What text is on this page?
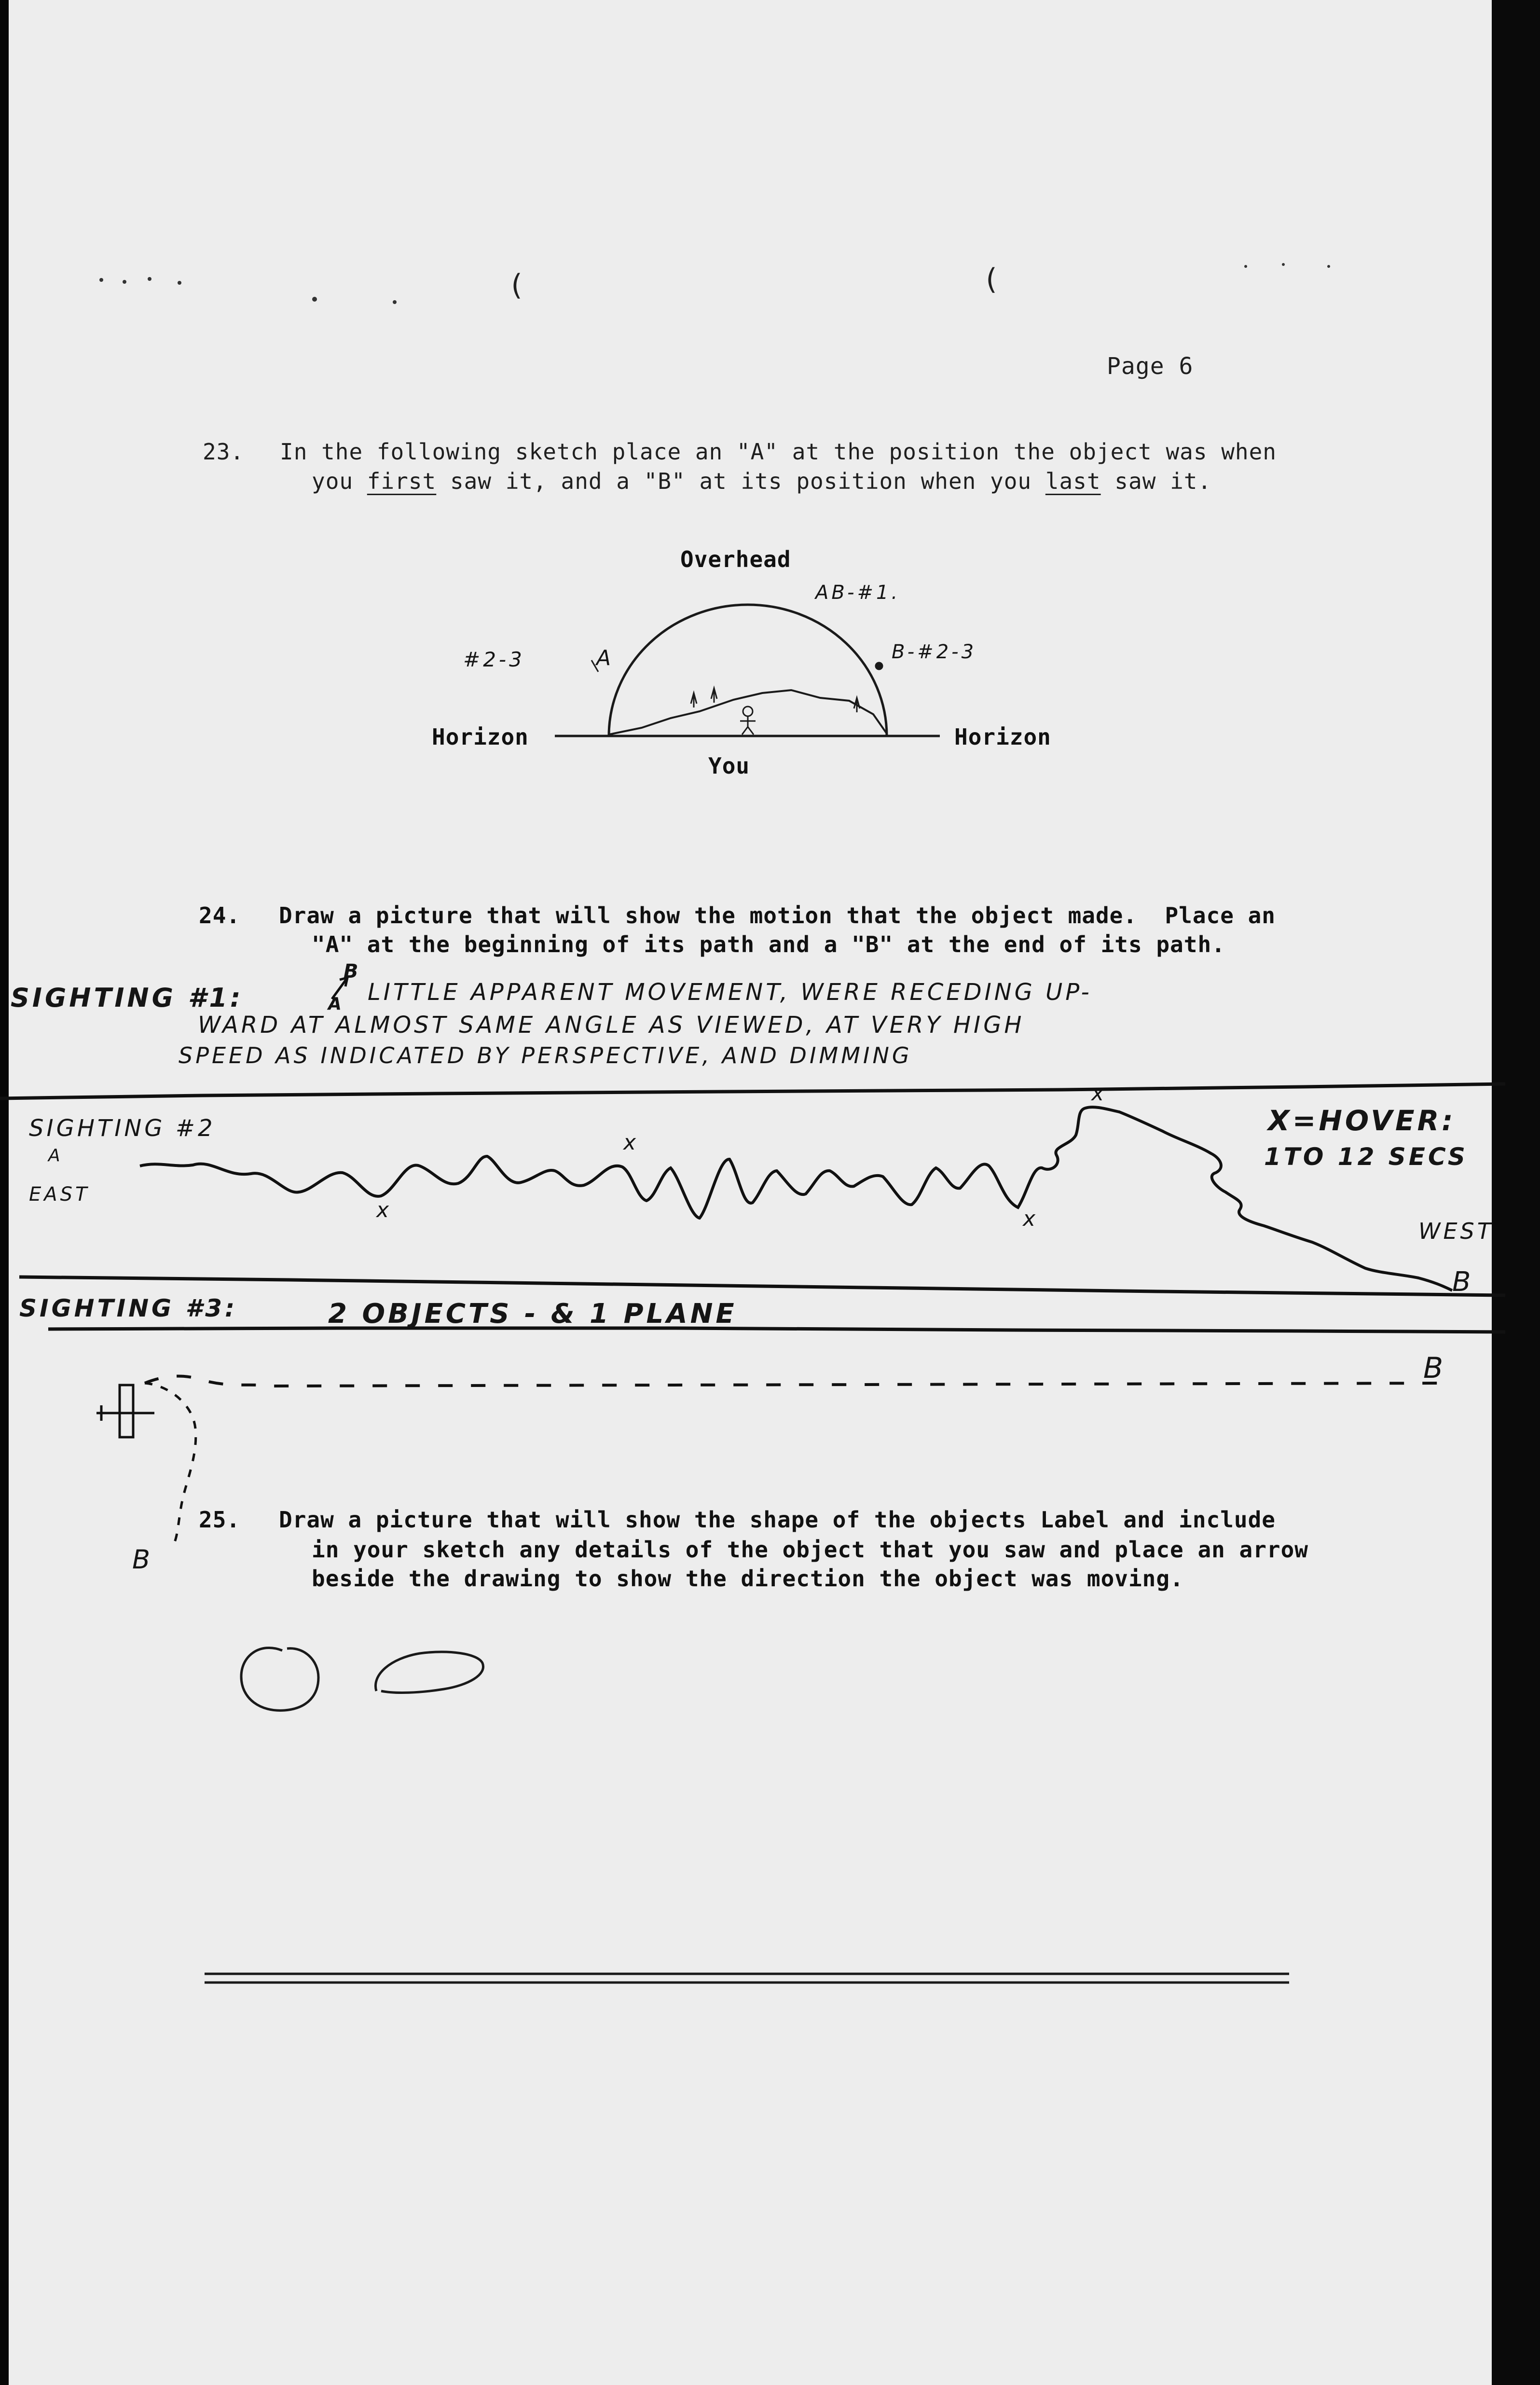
(	(
Page 6
23. In the following sketch place an "A" at the position the object was when
you first saw it, and a "B" at its position when you last saw it.
Overhead
Horizon	Horizon
You
AB-#1.
#2-3	A	B-#2-3
24. Draw a picture that will show the motion that the object made.  Place an
"A" at the beginning of its path and a "B" at the end of its path.
SIGHTING #1:
B
A LITTLE APPARENT MOVEMENT, WERE RECEDING UP-
WARD AT ALMOST SAME ANGLE AS VIEWED, AT VERY HIGH
SPEED AS INDICATED BY PERSPECTIVE, AND DIMMING
SIGHTING #2
A
EAST
X=HOVER:
1TO 12 SECS
WEST
B
x
x
x	x
SIGHTING #3:	2 OBJECTS - & 1 PLANE
B
B
25. Draw a picture that will show the shape of the objects Label and include
in your sketch any details of the object that you saw and place an arrow
beside the drawing to show the direction the object was moving.
